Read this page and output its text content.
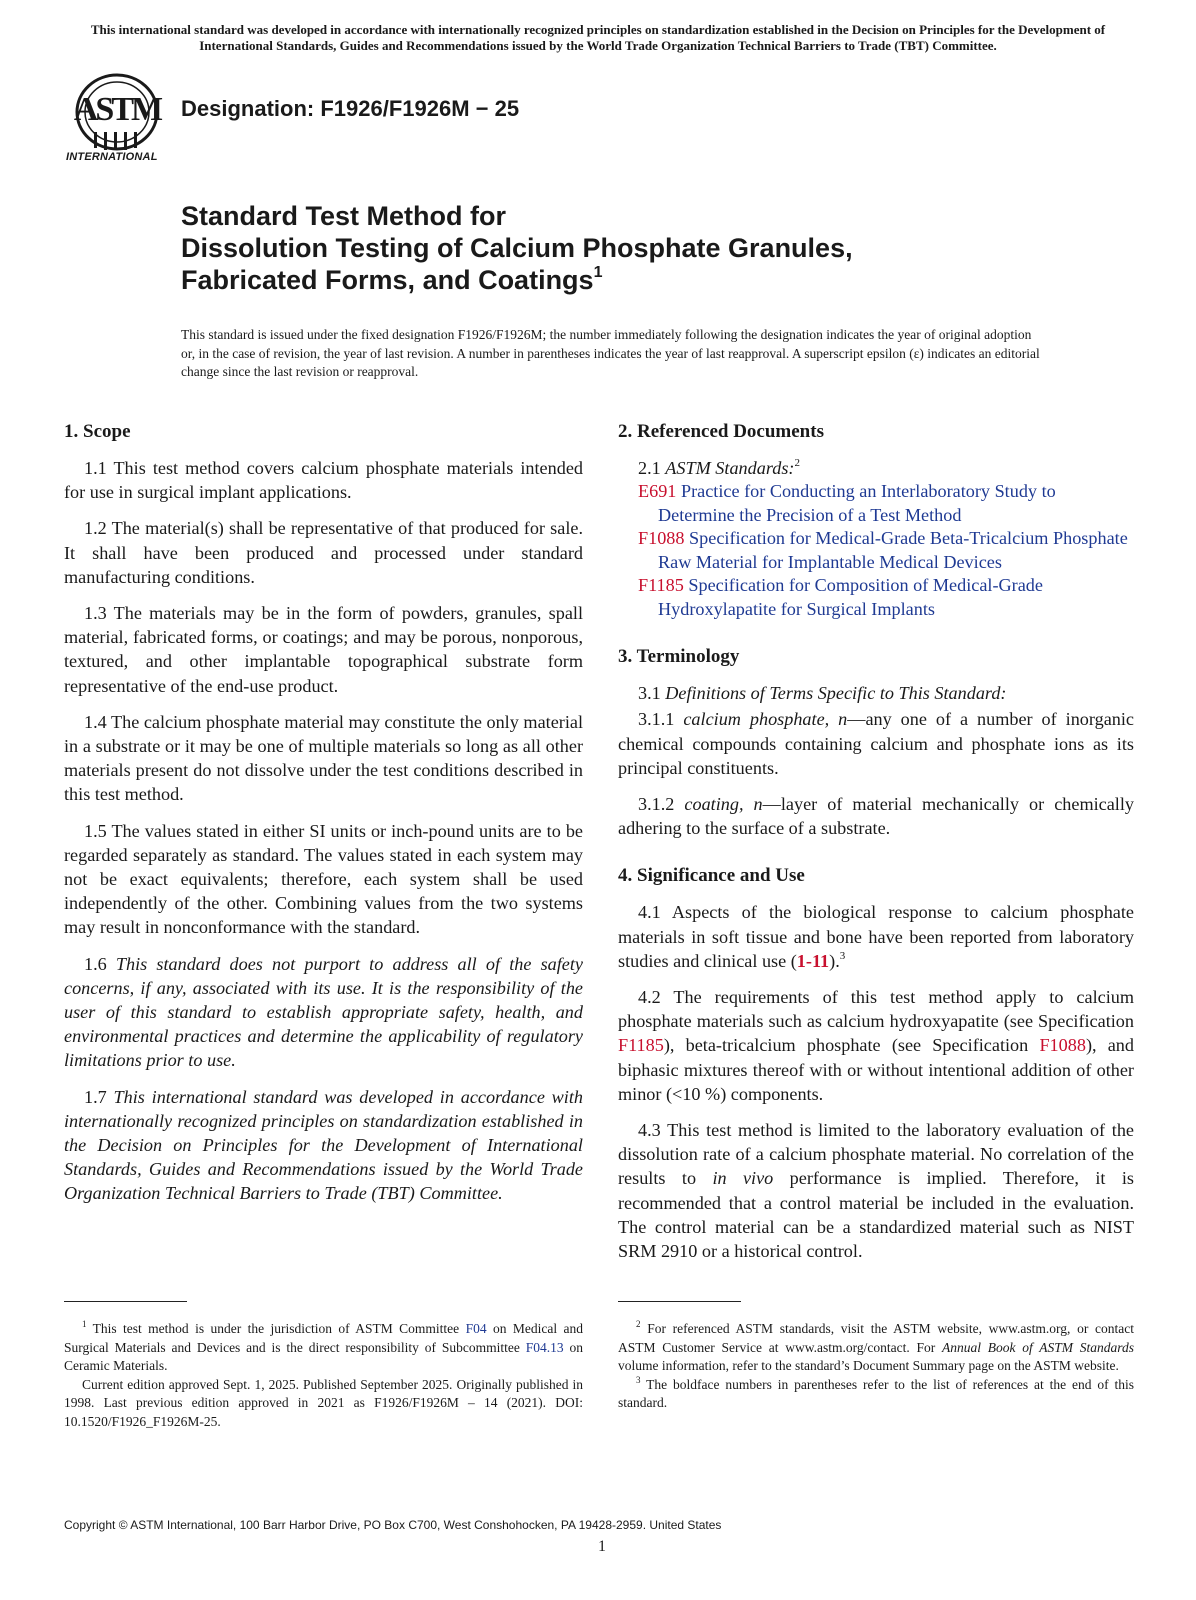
This international standard was developed in accordance with internationally recognized principles on standardization established in the Decision on Principles for the Development of International Standards, Guides and Recommendations issued by the World Trade Organization Technical Barriers to Trade (TBT) Committee.
ASTM
INTERNATIONAL
Designation: F1926/F1926M − 25
Standard Test Method for
Dissolution Testing of Calcium Phosphate Granules,
Fabricated Forms, and Coatings$^1$
This standard is issued under the fixed designation F1926/F1926M; the number immediately following the designation indicates the year of original adoption or, in the case of revision, the year of last revision. A number in parentheses indicates the year of last reapproval. A superscript epsilon (ε) indicates an editorial change since the last revision or reapproval.

1. Scope

1.1 This test method covers calcium phosphate materials intended for use in surgical implant applications.

1.2 The material(s) shall be representative of that produced for sale. It shall have been produced and processed under standard manufacturing conditions.

1.3 The materials may be in the form of powders, granules, spall material, fabricated forms, or coatings; and may be porous, nonporous, textured, and other implantable topographical substrate form representative of the end-use product.

1.4 The calcium phosphate material may constitute the only material in a substrate or it may be one of multiple materials so long as all other materials present do not dissolve under the test conditions described in this test method.

1.5 The values stated in either SI units or inch-pound units are to be regarded separately as standard. The values stated in each system may not be exact equivalents; therefore, each system shall be used independently of the other. Combining values from the two systems may result in nonconformance with the standard.

1.6 This standard does not purport to address all of the safety concerns, if any, associated with its use. It is the responsibility of the user of this standard to establish appropriate safety, health, and environmental practices and determine the applicability of regulatory limitations prior to use.

1.7 This international standard was developed in accordance with internationally recognized principles on standardization established in the Decision on Principles for the Development of International Standards, Guides and Recommendations issued by the World Trade Organization Technical Barriers to Trade (TBT) Committee.

2. Referenced Documents

2.1 ASTM Standards:$^2$

E691 Practice for Conducting an Interlaboratory Study to Determine the Precision of a Test Method

F1088 Specification for Medical-Grade Beta-Tricalcium Phosphate Raw Material for Implantable Medical Devices

F1185 Specification for Composition of Medical-Grade Hydroxylapatite for Surgical Implants

3. Terminology

3.1 Definitions of Terms Specific to This Standard:

3.1.1 calcium phosphate, n—any one of a number of inorganic chemical compounds containing calcium and phosphate ions as its principal constituents.

3.1.2 coating, n—layer of material mechanically or chemically adhering to the surface of a substrate.

4. Significance and Use

4.1 Aspects of the biological response to calcium phosphate materials in soft tissue and bone have been reported from laboratory studies and clinical use (1-11).$^3$

4.2 The requirements of this test method apply to calcium phosphate materials such as calcium hydroxyapatite (see Specification F1185), beta-tricalcium phosphate (see Specification F1088), and biphasic mixtures thereof with or without intentional addition of other minor (<10 %) components.

4.3 This test method is limited to the laboratory evaluation of the dissolution rate of a calcium phosphate material. No correlation of the results to in vivo performance is implied. Therefore, it is recommended that a control material be included in the evaluation. The control material can be a standardized material such as NIST SRM 2910 or a historical control.

$^1$ This test method is under the jurisdiction of ASTM Committee F04 on Medical and Surgical Materials and Devices and is the direct responsibility of Subcommittee F04.13 on Ceramic Materials.

Current edition approved Sept. 1, 2025. Published September 2025. Originally published in 1998. Last previous edition approved in 2021 as F1926/F1926M – 14 (2021). DOI: 10.1520/F1926_F1926M-25.

$^2$ For referenced ASTM standards, visit the ASTM website, www.astm.org, or contact ASTM Customer Service at www.astm.org/contact. For Annual Book of ASTM Standards volume information, refer to the standard’s Document Summary page on the ASTM website.

$^3$ The boldface numbers in parentheses refer to the list of references at the end of this standard.

Copyright © ASTM International, 100 Barr Harbor Drive, PO Box C700, West Conshohocken, PA 19428-2959. United States
1
